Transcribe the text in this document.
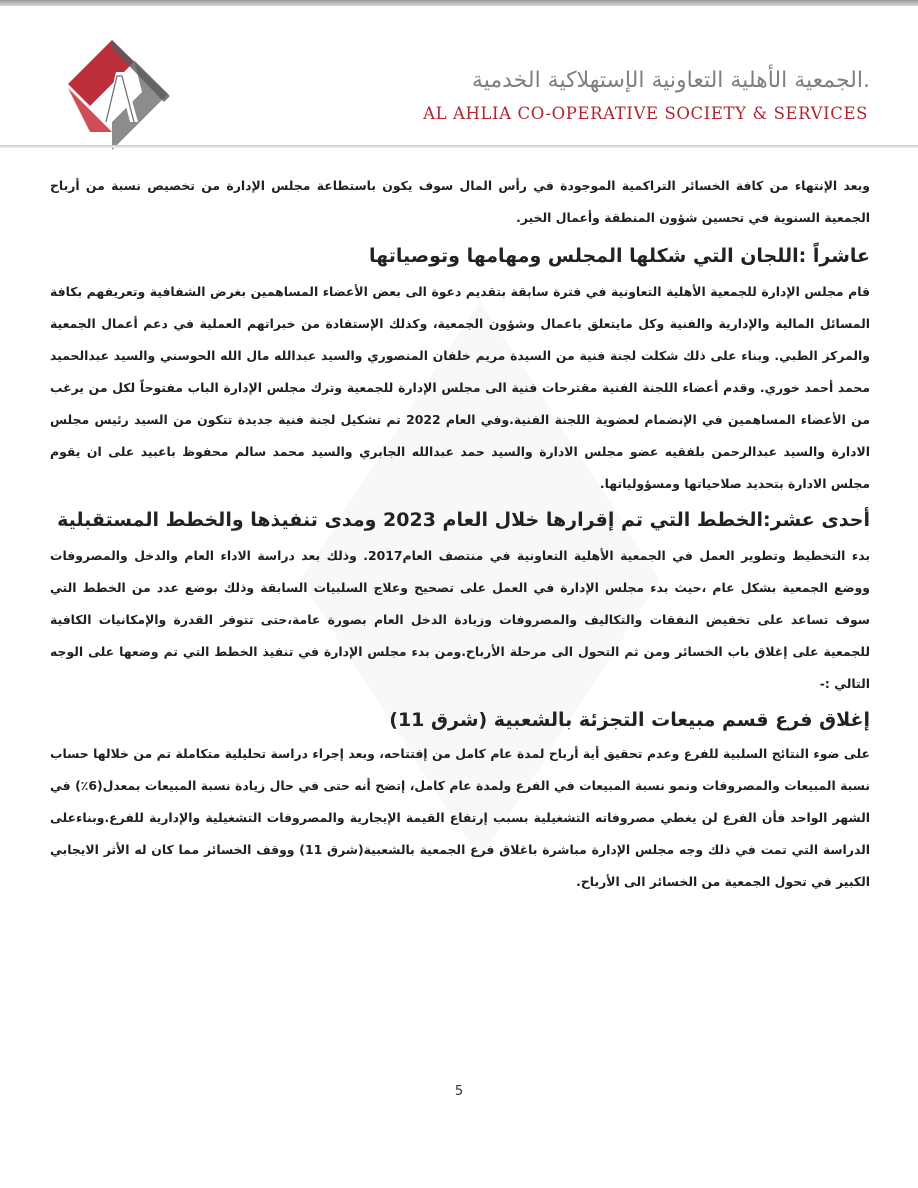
.الجمعية الأهلية التعاونية الإستهلاكية الخدمية
AL AHLIA CO-OPERATIVE SOCIETY & SERVICES

وبعد الإنتهاء من كافة الخسائر التراكمية الموجودة في رأس المال سوف يكون باستطاعة مجلس الإدارة من تخصيص نسبة من أرباح الجمعية السنوية في تحسين شؤون المنطقة وأعمال الخير.

عاشراً :اللجان التي شكلها المجلس ومهامها وتوصياتها

قام مجلس الإدارة للجمعية الأهلية التعاونية في فترة سابقة بتقديم دعوة الى بعض الأعضاء المساهمين بغرض الشفافية وتعريفهم بكافة المسائل المالية والإدارية والفنية وكل مايتعلق باعمال وشؤون الجمعية، وكذلك الإستفادة من خبراتهم العملية في دعم أعمال الجمعية والمركز الطبي. وبناء على ذلك شكلت لجنة فنية من السيدة مريم خلفان المنصوري والسيد عبدالله مال الله الحوسني والسيد عبدالحميد محمد أحمد خوري. وقدم أعضاء اللجنة الفنية مقترحات فنية الى مجلس الإدارة للجمعية وترك مجلس الإدارة الباب مفتوحاً لكل من يرغب من الأعضاء المساهمين في الإنضمام لعضوية اللجنة الفنية.وفي العام 2022 تم تشكيل لجنة فنية جديدة تتكون من السيد رئيس مجلس الادارة والسيد عبدالرحمن بلفقيه عضو مجلس الادارة والسيد حمد عبدالله الجابري والسيد محمد سالم محفوظ باعبيد على ان يقوم مجلس الادارة بتحديد صلاحياتها ومسؤولياتها.

أحدى عشر:الخطط التي تم إقرارها خلال العام 2023 ومدى تنفيذها والخطط المستقبلية

بدء التخطيط وتطوير العمل في الجمعية الأهلية التعاونية في منتصف العام2017. وذلك بعد دراسة الاداء العام والدخل والمصروفات ووضع الجمعية بشكل عام ،حيث بدء مجلس الإدارة في العمل على تصحيح وعلاج السلبيات السابقة وذلك بوضع عدد من الخطط التي سوف تساعد على تخفيض النفقات والتكاليف والمصروفات وزيادة الدخل العام بصورة عامة،حتى تتوفر القدرة والإمكانيات الكافية للجمعية على إغلاق باب الخسائر ومن ثم التحول الى مرحلة الأرباح.ومن بدء مجلس الإدارة في تنفيذ الخطط التي تم وضعها على الوجه التالي :-

إغلاق فرع قسم مبيعات التجزئة بالشعبية (شرق 11)

على ضوء النتائج السلبية للفرع وعدم تحقيق أية أرباح لمدة عام كامل من إفتتاحه، وبعد إجراء دراسة تحليلية متكاملة تم من خلالها حساب نسبة المبيعات والمصروفات ونمو نسبة المبيعات في الفرع ولمدة عام كامل، إتضح أنه حتى في حال زيادة نسبة المبيعات بمعدل(6٪) في الشهر الواحد فأن الفرع لن يغطي مصروفاته التشغيلية بسبب إرتفاع القيمة الإيجارية والمصروفات التشغيلية والإدارية للفرع.وبناءعلى الدراسة التي تمت في ذلك وجه مجلس الإدارة مباشرة باغلاق فرع الجمعية بالشعبية(شرق 11) ووقف الخسائر مما كان له الأثر الايجابي الكبير في تحول الجمعية من الخسائر الى الأرباح.

5
